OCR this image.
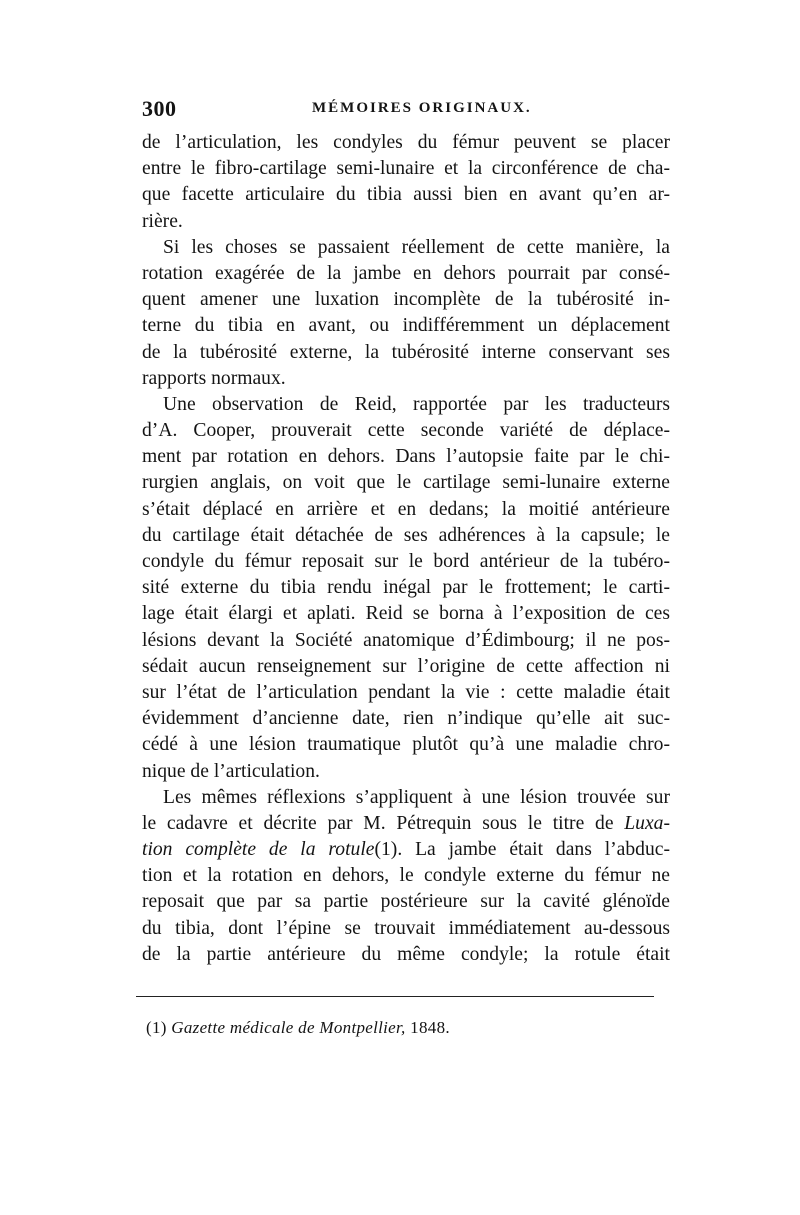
300	MÉMOIRES ORIGINAUX.
de l’articulation, les condyles du fémur peuvent se placer
entre le fibro-cartilage semi-lunaire et la circonférence de cha-
que facette articulaire du tibia aussi bien en avant qu’en ar-
rière.
Si les choses se passaient réellement de cette manière, la
rotation exagérée de la jambe en dehors pourrait par consé-
quent amener une luxation incomplète de la tubérosité in-
terne du tibia en avant, ou indifféremment un déplacement
de la tubérosité externe, la tubérosité interne conservant ses
rapports normaux.
Une observation de Reid, rapportée par les traducteurs
d’A. Cooper, prouverait cette seconde variété de déplace-
ment par rotation en dehors. Dans l’autopsie faite par le chi-
rurgien anglais, on voit que le cartilage semi-lunaire externe
s’était déplacé en arrière et en dedans; la moitié antérieure
du cartilage était détachée de ses adhérences à la capsule; le
condyle du fémur reposait sur le bord antérieur de la tubéro-
sité externe du tibia rendu inégal par le frottement; le carti-
lage était élargi et aplati. Reid se borna à l’exposition de ces
lésions devant la Société anatomique d’Édimbourg; il ne pos-
sédait aucun renseignement sur l’origine de cette affection ni
sur l’état de l’articulation pendant la vie : cette maladie était
évidemment d’ancienne date, rien n’indique qu’elle ait suc-
cédé à une lésion traumatique plutôt qu’à une maladie chro-
nique de l’articulation.
Les mêmes réflexions s’appliquent à une lésion trouvée sur
le cadavre et décrite par M. Pétrequin sous le titre de Luxa-
tion complète de la rotule(1). La jambe était dans l’abduc-
tion et la rotation en dehors, le condyle externe du fémur ne
reposait que par sa partie postérieure sur la cavité glénoïde
du tibia, dont l’épine se trouvait immédiatement au-dessous
de la partie antérieure du même condyle; la rotule était
(1) Gazette médicale de Montpellier, 1848.
